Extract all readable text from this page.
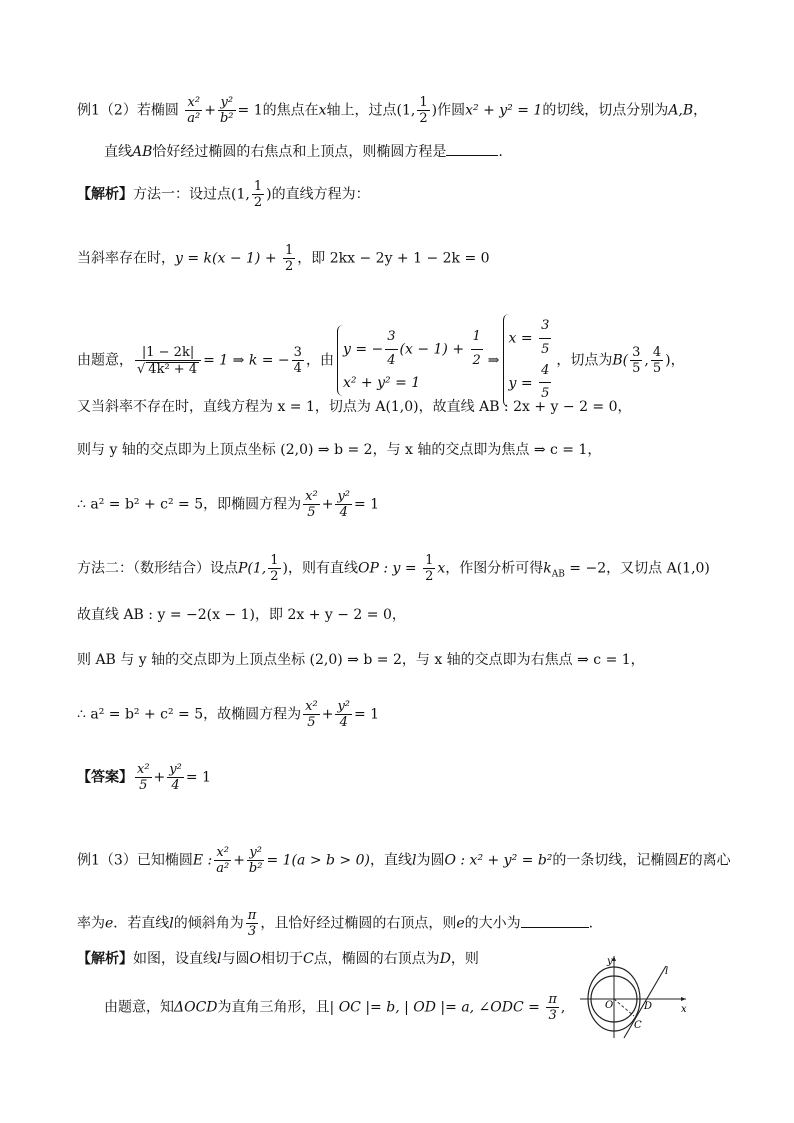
例1（2）若椭圆 $\frac{\text{x²}}{\text{a²}} + \frac{\text{y²}}{\text{b²}} = 1$的焦点在x轴上，过点(1, $\frac{1}{2}$ )作圆x² + y² = 1的切线，切点分别为A,B，
直线AB恰好经过椭圆的右焦点和上顶点，则椭圆方程是	.
【解析】方法一：设过点(1, $\frac{1}{2}$ )的直线方程为：
当斜率存在时，$y = k(x - 1) + \frac{1}{2}$ ，即 2kx − 2y + 1 − 2k = 0
由题意， $\frac{|1 - 2k|}{\text{√ 4k² + 4}} = 1$ ⇒ k = − $\frac{3}{4}$ ，由
y = − $\frac{3}{4} (x - 1) + \frac{1}{2}$
x² + y² = 1
⇒
$x = \frac{3}{5}$
$y = \frac{4}{5}$ ，切点为$B( \frac{3}{5}$ , $\frac{4}{5}$ )，
又当斜率不存在时，直线方程为 x = 1，切点为 A(1,0)，故直线 AB : 2x + y − 2 = 0，
则与 y 轴的交点即为上顶点坐标 (2,0) ⇒ b = 2，与 x 轴的交点即为焦点 ⇒ c = 1，
∴ a² = b² + c² = 5，即椭圆方程为 $\frac{\text{x²}}{5} + \frac{\text{y²}}{4} = 1$
方法二：（数形结合）设点P(1, $\frac{1}{2}$ )，则有直线OP : $y = \frac{1}{2}$ x，作图分析可得$k_{AB} = -2$，又切点 A(1,0)
故直线 AB : y = −2(x − 1)，即 2x + y − 2 = 0，
则 AB 与 y 轴的交点即为上顶点坐标 (2,0) ⇒ b = 2，与 x 轴的交点即为右焦点 ⇒ c = 1，
∴ a² = b² + c² = 5，故椭圆方程为 $\frac{\text{x²}}{5} + \frac{\text{y²}}{4} = 1$
【答案】 $\frac{\text{x²}}{5} + \frac{\text{y²}}{4} = 1$
例1（3）已知椭圆E : $\frac{\text{x²}}{\text{a²}} + \frac{\text{y²}}{\text{b²}} = 1(a > b > 0)$，直线l为圆O : x² + y² = b²的一条切线，记椭圆E的离心
率为e．若直线l的倾斜角为 $\frac{\pi}{3}$ ，且恰好经过椭圆的右顶点，则e的大小为	.
【解析】如图，设直线l与圆O相切于C点，椭圆的右顶点为D，则
由题意，知ΔOCD为直角三角形，且| OC |= b, | OD |= a, ∠ODC = $\frac{\pi}{3}$ ,
y
x
l
O	D
C
